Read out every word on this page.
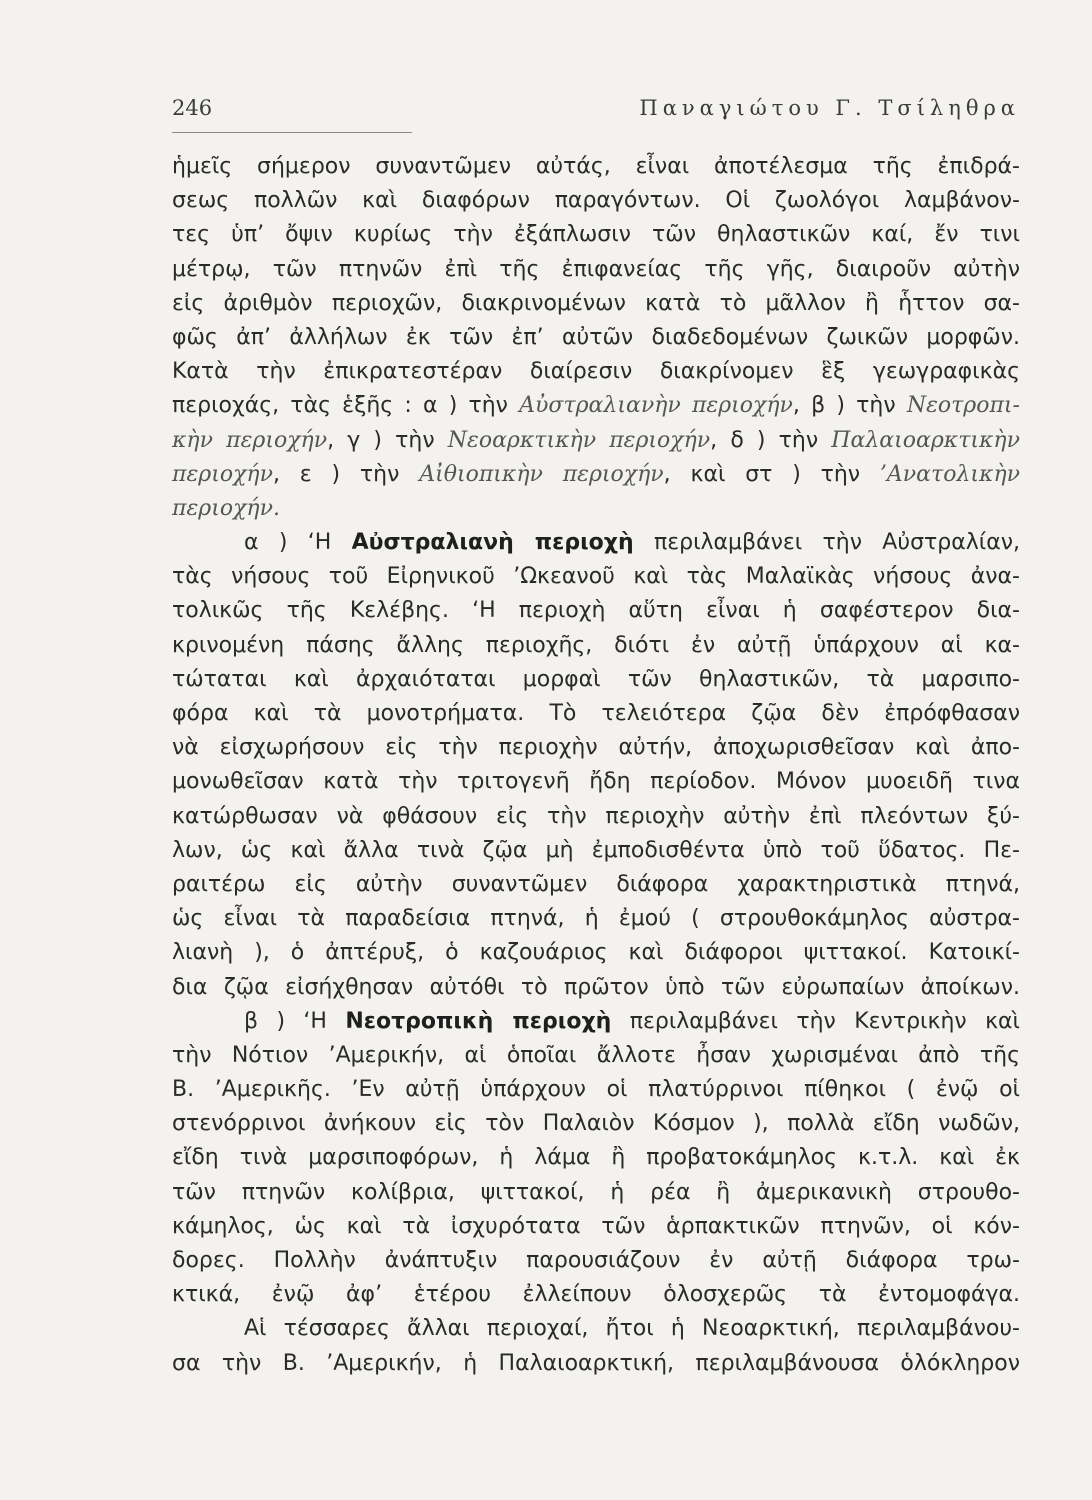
246	Παναγιώτου Γ. Τσίληθρα
ἡμεῖς σήμερον συναντῶμεν αὐτάς, εἶναι ἀποτέλεσμα τῆς ἐπιδρά-
σεως πολλῶν καὶ διαφόρων παραγόντων. Οἱ ζωολόγοι λαμβάνον-
τες ὑπ’ ὄψιν κυρίως τὴν ἐξάπλωσιν τῶν θηλαστικῶν καί, ἔν τινι
μέτρῳ, τῶν πτηνῶν ἐπὶ τῆς ἐπιφανείας τῆς γῆς, διαιροῦν αὐτὴν
εἰς ἀριθμὸν περιοχῶν, διακρινομένων κατὰ τὸ μᾶλλον ἢ ἧττον σα-
φῶς ἀπ’ ἀλλήλων ἐκ τῶν ἐπ’ αὐτῶν διαδεδομένων ζωικῶν μορφῶν.
Κατὰ τὴν ἐπικρατεστέραν διαίρεσιν διακρίνομεν ἓξ γεωγραφικὰς
περιοχάς, τὰς ἑξῆς : α ) τὴν Αὐστραλιανὴν περιοχήν, β ) τὴν Νεοτροπι-
κὴν περιοχήν, γ ) τὴν Νεοαρκτικὴν περιοχήν, δ ) τὴν Παλαιοαρκτικὴν
περιοχήν, ε ) τὴν Αἰθιοπικὴν περιοχήν, καὶ στ ) τὴν ’Ανατολικὴν
περιοχήν.
α ) ‘Η Αὐστραλιανὴ περιοχὴ περιλαμβάνει τὴν Αὐστραλίαν,
τὰς νήσους τοῦ Εἰρηνικοῦ ’Ωκεανοῦ καὶ τὰς Μαλαϊκὰς νήσους ἀνα-
τολικῶς τῆς Κελέβης. ‘Η περιοχὴ αὕτη εἶναι ἡ σαφέστερον δια-
κρινομένη πάσης ἄλλης περιοχῆς, διότι ἐν αὐτῇ ὑπάρχουν αἱ κα-
τώταται καὶ ἀρχαιόταται μορφαὶ τῶν θηλαστικῶν, τὰ μαρσιπο-
φόρα καὶ τὰ μονοτρήματα. Τὸ τελειότερα ζῷα δὲν ἐπρόφθασαν
νὰ εἰσχωρήσουν εἰς τὴν περιοχὴν αὐτήν, ἀποχωρισθεῖσαν καὶ ἀπο-
μονωθεῖσαν κατὰ τὴν τριτογενῆ ἤδη περίοδον. Μόνον μυοειδῆ τινα
κατώρθωσαν νὰ φθάσουν εἰς τὴν περιοχὴν αὐτὴν ἐπὶ πλεόντων ξύ-
λων, ὡς καὶ ἄλλα τινὰ ζῷα μὴ ἐμποδισθέντα ὑπὸ τοῦ ὕδατος. Πε-
ραιτέρω εἰς αὐτὴν συναντῶμεν διάφορα χαρακτηριστικὰ πτηνά,
ὡς εἶναι τὰ παραδείσια πτηνά, ἡ ἐμού ( στρουθοκάμηλος αὐστρα-
λιανὴ ), ὁ ἀπτέρυξ, ὁ καζουάριος καὶ διάφοροι ψιττακοί. Κατοικί-
δια ζῷα εἰσήχθησαν αὐτόθι τὸ πρῶτον ὑπὸ τῶν εὐρωπαίων ἀποίκων.
β ) ‘Η Νεοτροπικὴ περιοχὴ περιλαμβάνει τὴν Κεντρικὴν καὶ
τὴν Νότιον ’Αμερικήν, αἱ ὁποῖαι ἄλλοτε ἦσαν χωρισμέναι ἀπὸ τῆς
Β. ’Αμερικῆς. ’Εν αὐτῇ ὑπάρχουν οἱ πλατύρρινοι πίθηκοι ( ἐνῷ οἱ
στενόρρινοι ἀνήκουν εἰς τὸν Παλαιὸν Κόσμον ), πολλὰ εἴδη νωδῶν,
εἴδη τινὰ μαρσιποφόρων, ἡ λάμα ἢ προβατοκάμηλος κ.τ.λ. καὶ ἐκ
τῶν πτηνῶν κολίβρια, ψιττακοί, ἡ ρέα ἢ ἀμερικανικὴ στρουθο-
κάμηλος, ὡς καὶ τὰ ἰσχυρότατα τῶν ἁρπακτικῶν πτηνῶν, οἱ κόν-
δορες. Πολλὴν ἀνάπτυξιν παρουσιάζουν ἐν αὐτῇ διάφορα τρω-
κτικά, ἐνῷ ἀφ’ ἑτέρου ἐλλείπουν ὁλοσχερῶς τὰ ἐντομοφάγα.
Αἱ τέσσαρες ἄλλαι περιοχαί, ἤτοι ἡ Νεοαρκτική, περιλαμβάνου-
σα τὴν Β. ’Αμερικήν, ἡ Παλαιοαρκτική, περιλαμβάνουσα ὁλόκληρον
